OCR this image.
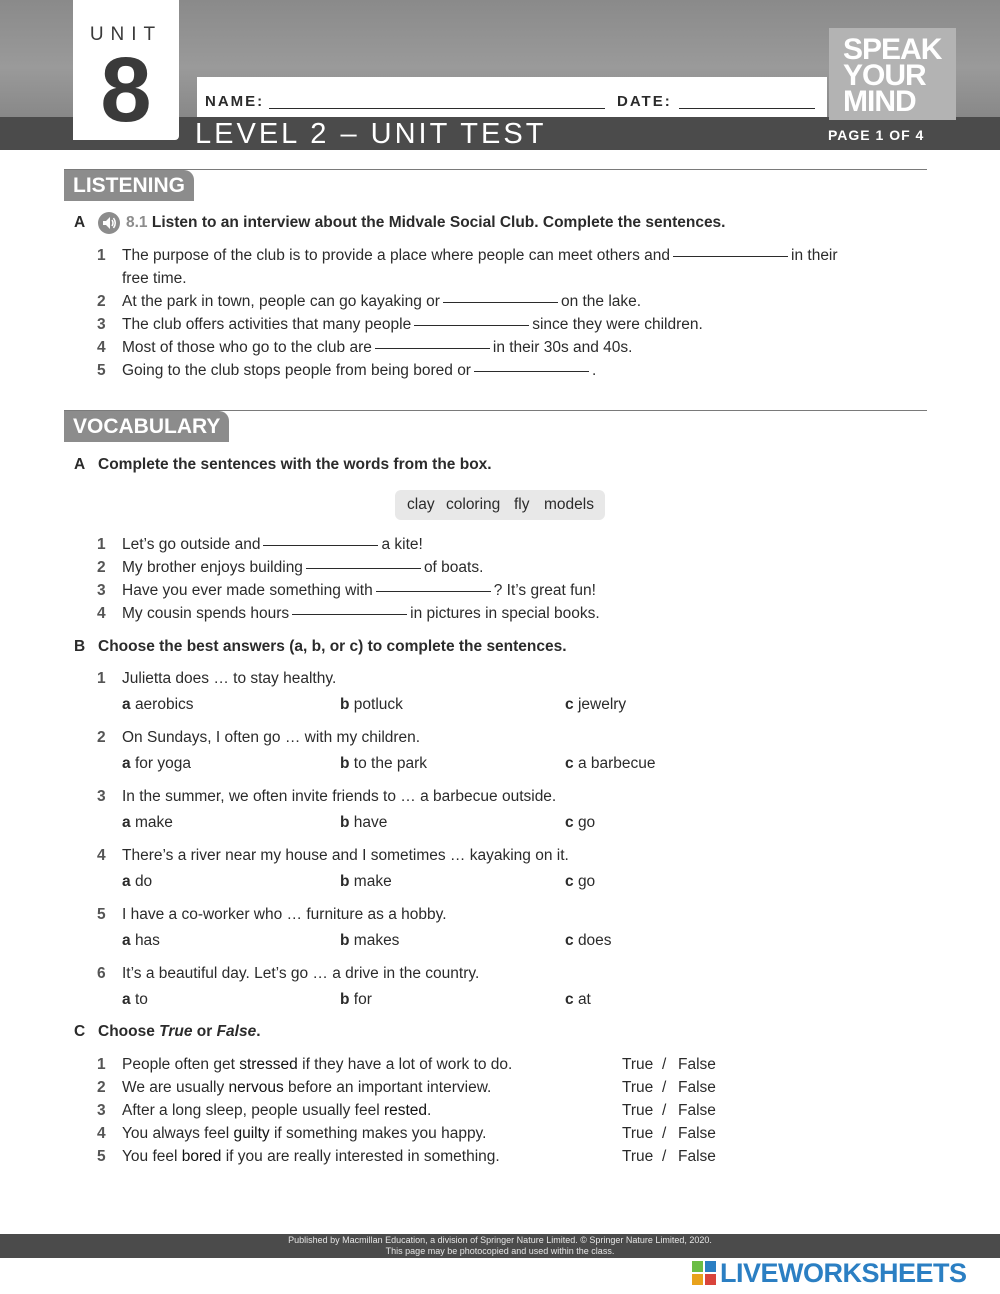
UNIT
8	NAME:	DATE:
LEVEL 2 – UNIT TEST
SPEAK
YOUR
MIND
PAGE 1 OF 4
LISTENING
A	8.1 Listen to an interview about the Midvale Social Club. Complete the sentences.
1 The purpose of the club is to provide a place where people can meet others and	in their
free time.
2 At the park in town, people can go kayaking or	on the lake.
3 The club offers activities that many people	since they were children.
4 Most of those who go to the club are	in their 30s and 40s.
5 Going to the club stops people from being bored or	.
VOCABULARY
A Complete the sentences with the words from the box.
clay coloring fly models
1 Let’s go outside and	a kite!
2 My brother enjoys building	of boats.
3 Have you ever made something with	? It’s great fun!
4 My cousin spends hours	in pictures in special books.
B Choose the best answers (a, b, or c) to complete the sentences.
1 Julietta does … to stay healthy.
a aerobics	b potluck	c jewelry
2 On Sundays, I often go … with my children.
a for yoga	b to the park	c a barbecue
3 In the summer, we often invite friends to … a barbecue outside.
a make	b have	c go
4 There’s a river near my house and I sometimes … kayaking on it.
a do	b make	c go
5 I have a co-worker who … furniture as a hobby.
a has	b makes	c does
6 It’s a beautiful day. Let’s go … a drive in the country.
a to	b for	c at
C Choose True or False.
1 People often get stressed if they have a lot of work to do.	True / False
2 We are usually nervous before an important interview.	True / False
3 After a long sleep, people usually feel rested.	True / False
4 You always feel guilty if something makes you happy.	True / False
5 You feel bored if you are really interested in something.	True / False
Published by Macmillan Education, a division of Springer Nature Limited. © Springer Nature Limited, 2020.
This page may be photocopied and used within the class.
LIVEWORKSHEETS
